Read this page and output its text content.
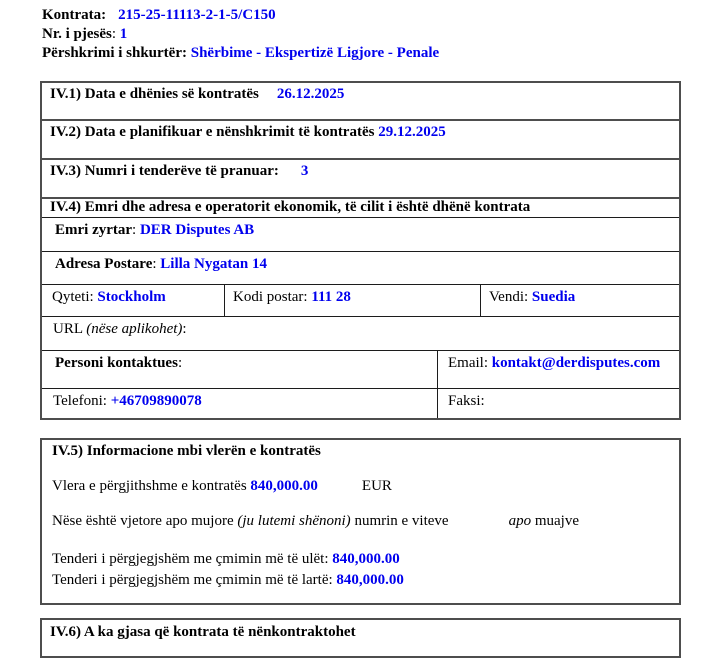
Kontrata: 215-25-11113-2-1-5/C150
Nr. i pjesës: 1
Përshkrimi i shkurtër: Shërbime - Ekspertizë Ligjore - Penale
IV.1) Data e dhënies së kontratës 26.12.2025
IV.2) Data e planifikuar e nënshkrimit të kontratës 29.12.2025
IV.3) Numri i tenderëve të pranuar: 3
IV.4) Emri dhe adresa e operatorit ekonomik, të cilit i është dhënë kontrata
Emri zyrtar: DER Disputes AB
Adresa Postare: Lilla Nygatan 14
Qyteti: Stockholm	Kodi postar: 111 28	Vendi: Suedia
URL (nëse aplikohet):
Personi kontaktues:	Email: kontakt@derdisputes.com
Telefoni: +46709890078	Faksi:
IV.5) Informacione mbi vlerën e kontratës

Vlera e përgjithshme e kontratës 840,000.00	EUR

Nëse është vjetore apo mujore (ju lutemi shënoni) numrin e viteve	apo muajve

Tenderi i përgjegjshëm me çmimin më të ulët: 840,000.00

Tenderi i përgjegjshëm me çmimin më të lartë: 840,000.00

IV.6) A ka gjasa që kontrata të nënkontraktohet
